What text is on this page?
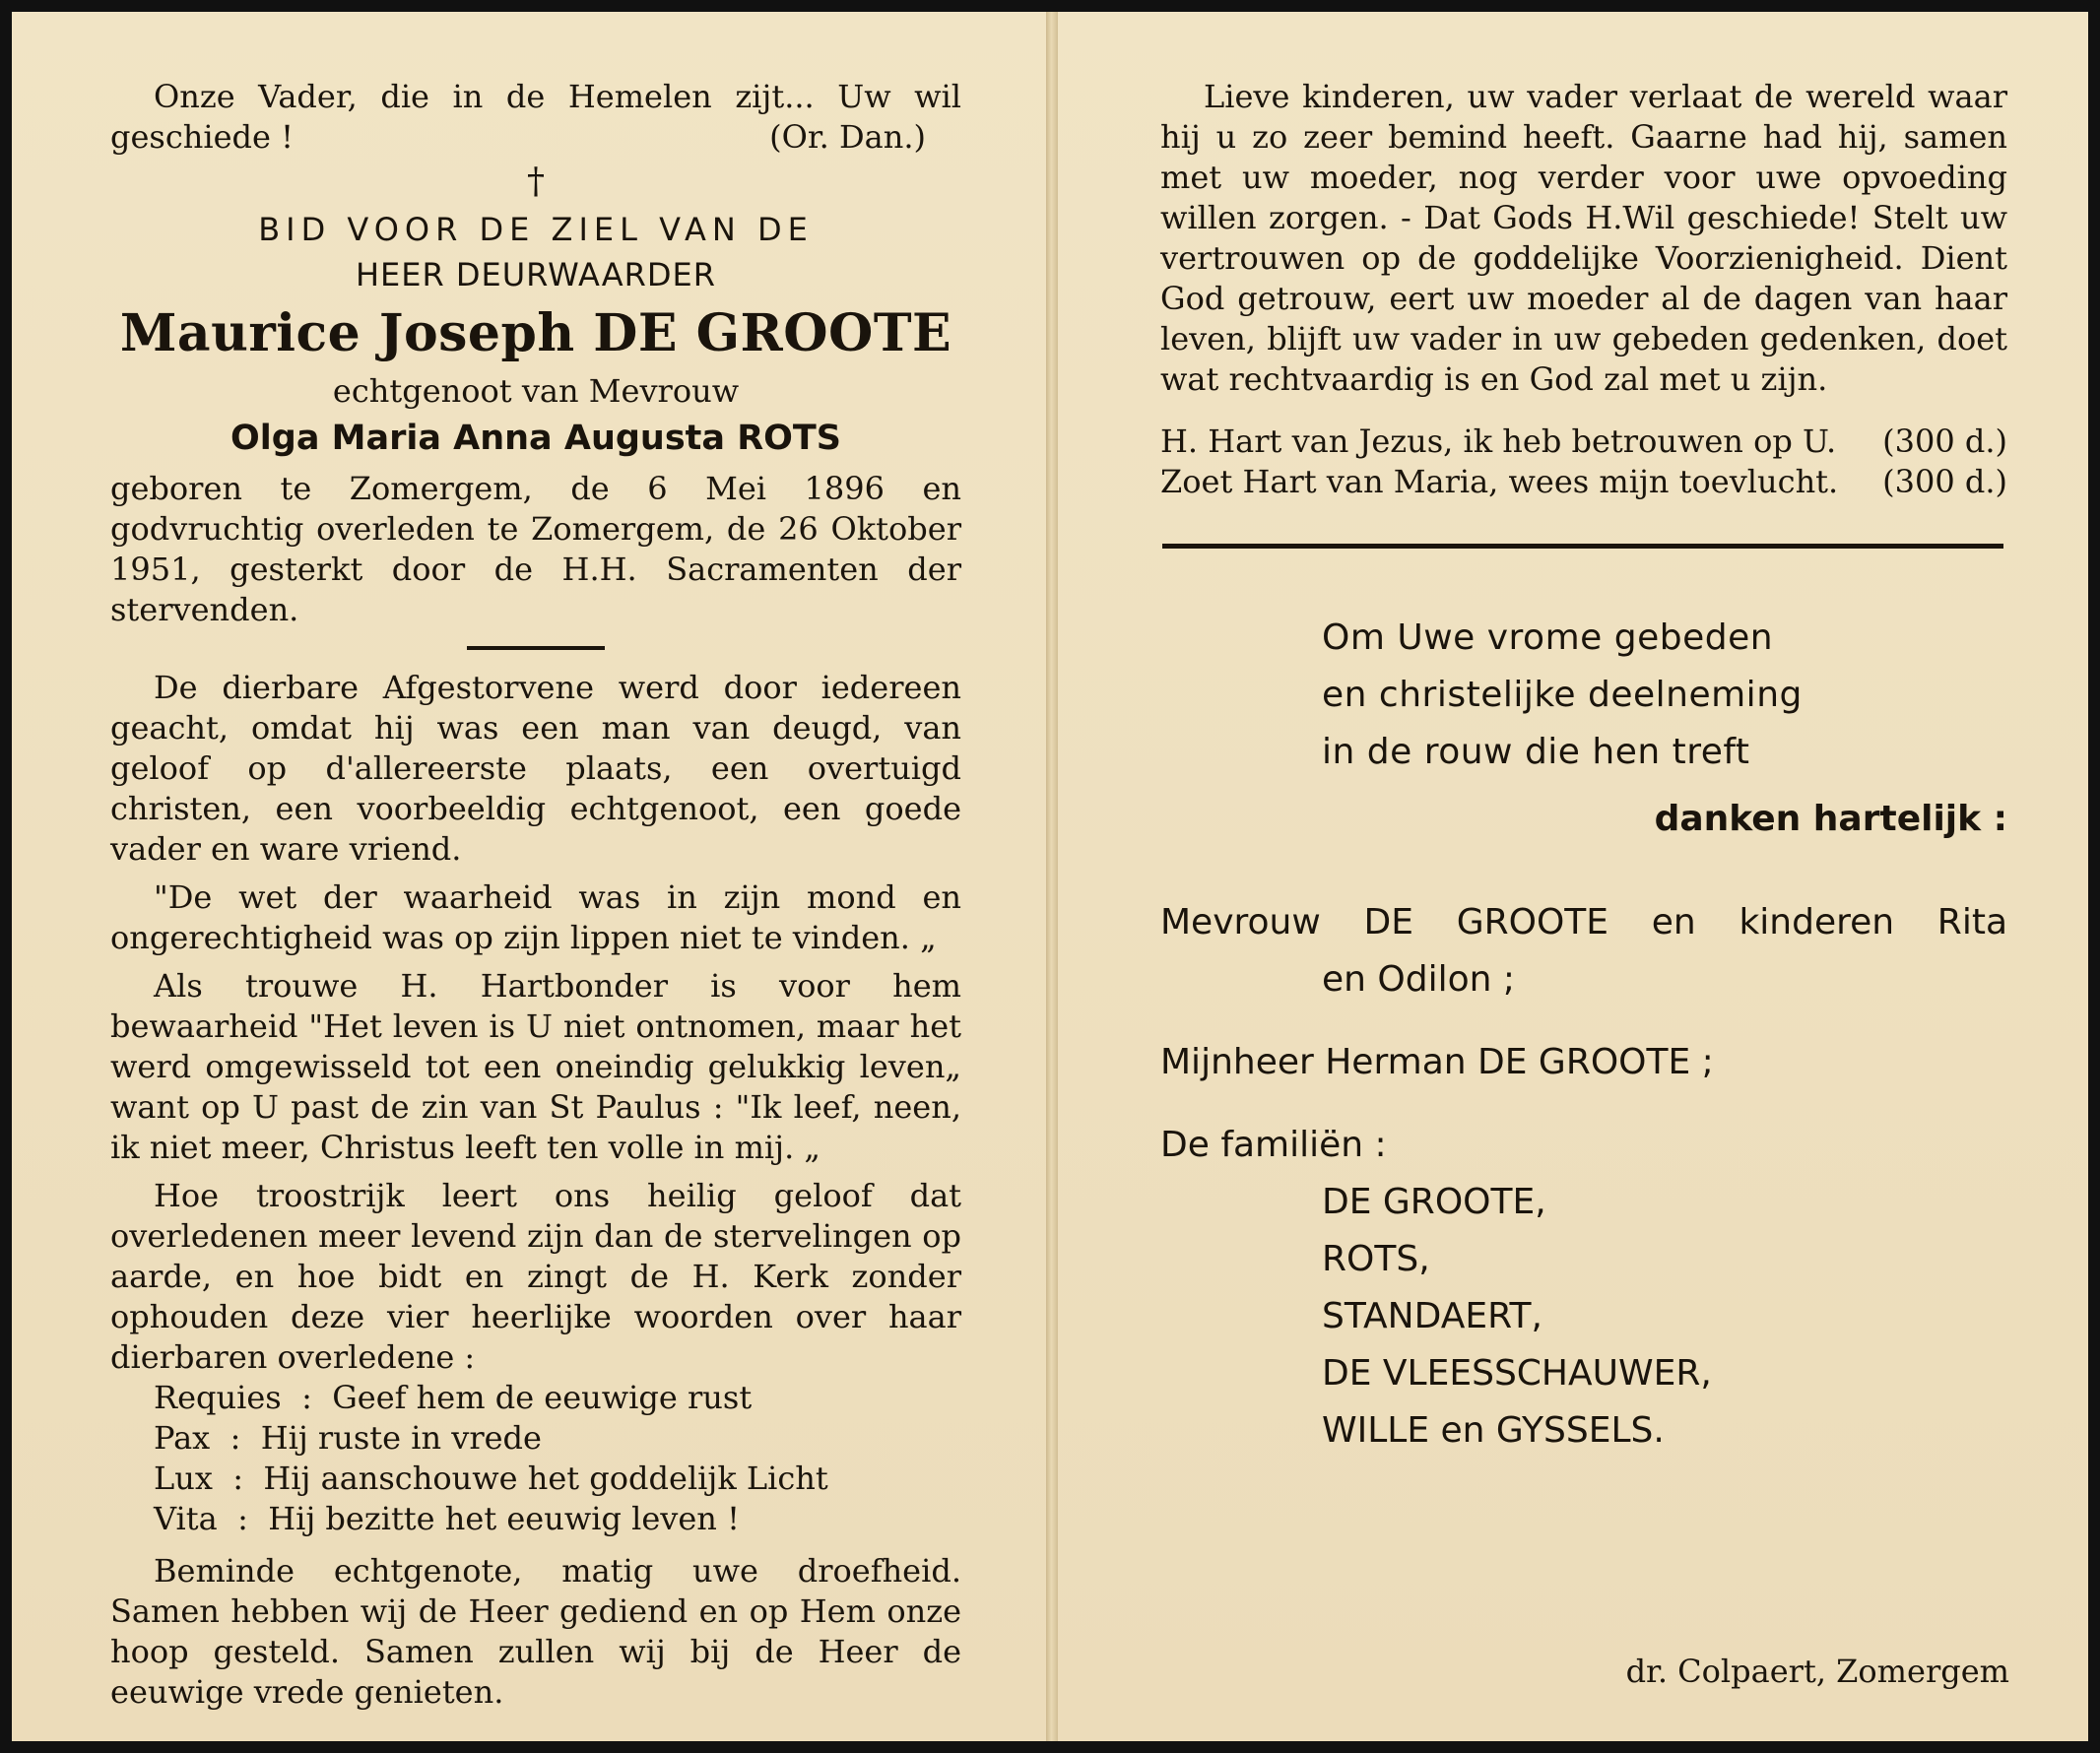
Onze Vader, die in de Hemelen zijt... Uw wil

geschiede !	(Or. Dan.)
†
BID VOOR DE ZIEL VAN DE
HEER DEURWAARDER
Maurice Joseph DE GROOTE
echtgenoot van Mevrouw
Olga Maria Anna Augusta ROTS

geboren te Zomergem, de 6 Mei 1896 en godvruchtig overleden te Zomergem, de 26 Oktober 1951, gesterkt door de H.H. Sacramenten der stervenden.

De dierbare Afgestorvene werd door iedereen geacht, omdat hij was een man van deugd, van geloof op d'allereerste plaats, een overtuigd christen, een voorbeeldig echtgenoot, een goede vader en ware vriend.

"De wet der waarheid was in zijn mond en ongerechtigheid was op zijn lippen niet te vinden. „

Als trouwe H. Hartbonder is voor hem bewaarheid "Het leven is U niet ontnomen, maar het werd omgewisseld tot een oneindig gelukkig leven„ want op U past de zin van St Paulus : "Ik leef, neen, ik niet meer, Christus leeft ten volle in mij. „

Hoe troostrijk leert ons heilig geloof dat overledenen meer levend zijn dan de stervelingen op aarde, en hoe bidt en zingt de H. Kerk zonder ophouden deze vier heerlijke woorden over haar dierbaren overledene :

Requies : Geef hem de eeuwige rust
Pax : Hij ruste in vrede
Lux : Hij aanschouwe het goddelijk Licht
Vita : Hij bezitte het eeuwig leven !

Beminde echtgenote, matig uwe droefheid. Samen hebben wij de Heer gediend en op Hem onze hoop gesteld. Samen zullen wij bij de Heer de eeuwige vrede genieten.

Lieve kinderen, uw vader verlaat de wereld waar hij u zo zeer bemind heeft. Gaarne had hij, samen met uw moeder, nog verder voor uwe opvoeding willen zorgen. - Dat Gods H.Wil geschiede! Stelt uw vertrouwen op de goddelijke Voorzienigheid. Dient God getrouw, eert uw moeder al de dagen van haar leven, blijft uw vader in uw gebeden gedenken, doet wat rechtvaardig is en God zal met u zijn.

H. Hart van Jezus, ik heb betrouwen op U. (300 d.)
Zoet Hart van Maria, wees mijn toevlucht. (300 d.)
Om Uwe vrome gebeden
en christelijke deelneming
in de rouw die hen treft
danken hartelijk :
Mevrouw DE GROOTE en kinderen Rita
en Odilon ;
Mijnheer Herman DE GROOTE ;
De familiën :
DE GROOTE,
ROTS,
STANDAERT,
DE VLEESSCHAUWER,
WILLE en GYSSELS.
dr. Colpaert, Zomergem
